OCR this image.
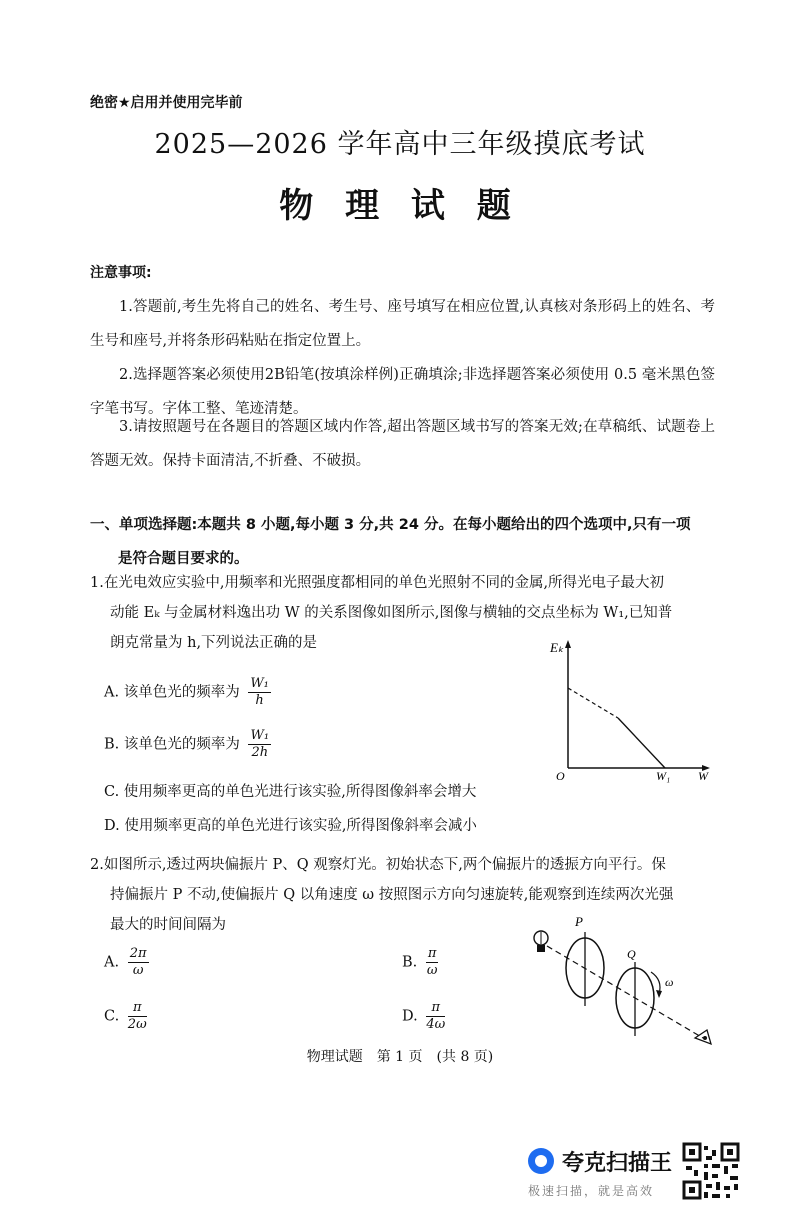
绝密★启用并使用完毕前
2025—2026 学年高中三年级摸底考试
物 理 试 题
注意事项:
1.答题前,考生先将自己的姓名、考生号、座号填写在相应位置,认真核对条形码上的姓名、考生号和座号,并将条形码粘贴在指定位置上。
2.选择题答案必须使用2B铅笔(按填涂样例)正确填涂;非选择题答案必须使用 0.5 毫米黑色签字笔书写。字体工整、笔迹清楚。
3.请按照题号在各题目的答题区域内作答,超出答题区域书写的答案无效;在草稿纸、试题卷上答题无效。保持卡面清洁,不折叠、不破损。
一、单项选择题:本题共 8 小题,每小题 3 分,共 24 分。在每小题给出的四个选项中,只有一项
是符合题目要求的。
1.在光电效应实验中,用频率和光照强度都相同的单色光照射不同的金属,所得光电子最大初
动能 Eₖ 与金属材料逸出功 W 的关系图像如图所示,图像与横轴的交点坐标为 W₁,已知普
朗克常量为 h,下列说法正确的是
A. 该单色光的频率为 $\frac{\text{W₁}}{h}$
B. 该单色光的频率为 $\frac{\text{W₁}}{2h}$
C. 使用频率更高的单色光进行该实验,所得图像斜率会增大
D. 使用频率更高的单色光进行该实验,所得图像斜率会减小
Eₖ
O	W₁ W
2.如图所示,透过两块偏振片 P、Q 观察灯光。初始状态下,两个偏振片的透振方向平行。保
持偏振片 P 不动,使偏振片 Q 以角速度 ω 按照图示方向匀速旋转,能观察到连续两次光强
最大的时间间隔为
A. $\frac{2\pi}{\omega}$	B. $\frac{\pi}{\omega}$
C. $\frac{\pi}{2\omega}$	D. $\frac{\pi}{4\omega}$
P
Q
ω
物理试题　第 1 页　(共 8 页)
夸克扫描王
极速扫描，就是高效
